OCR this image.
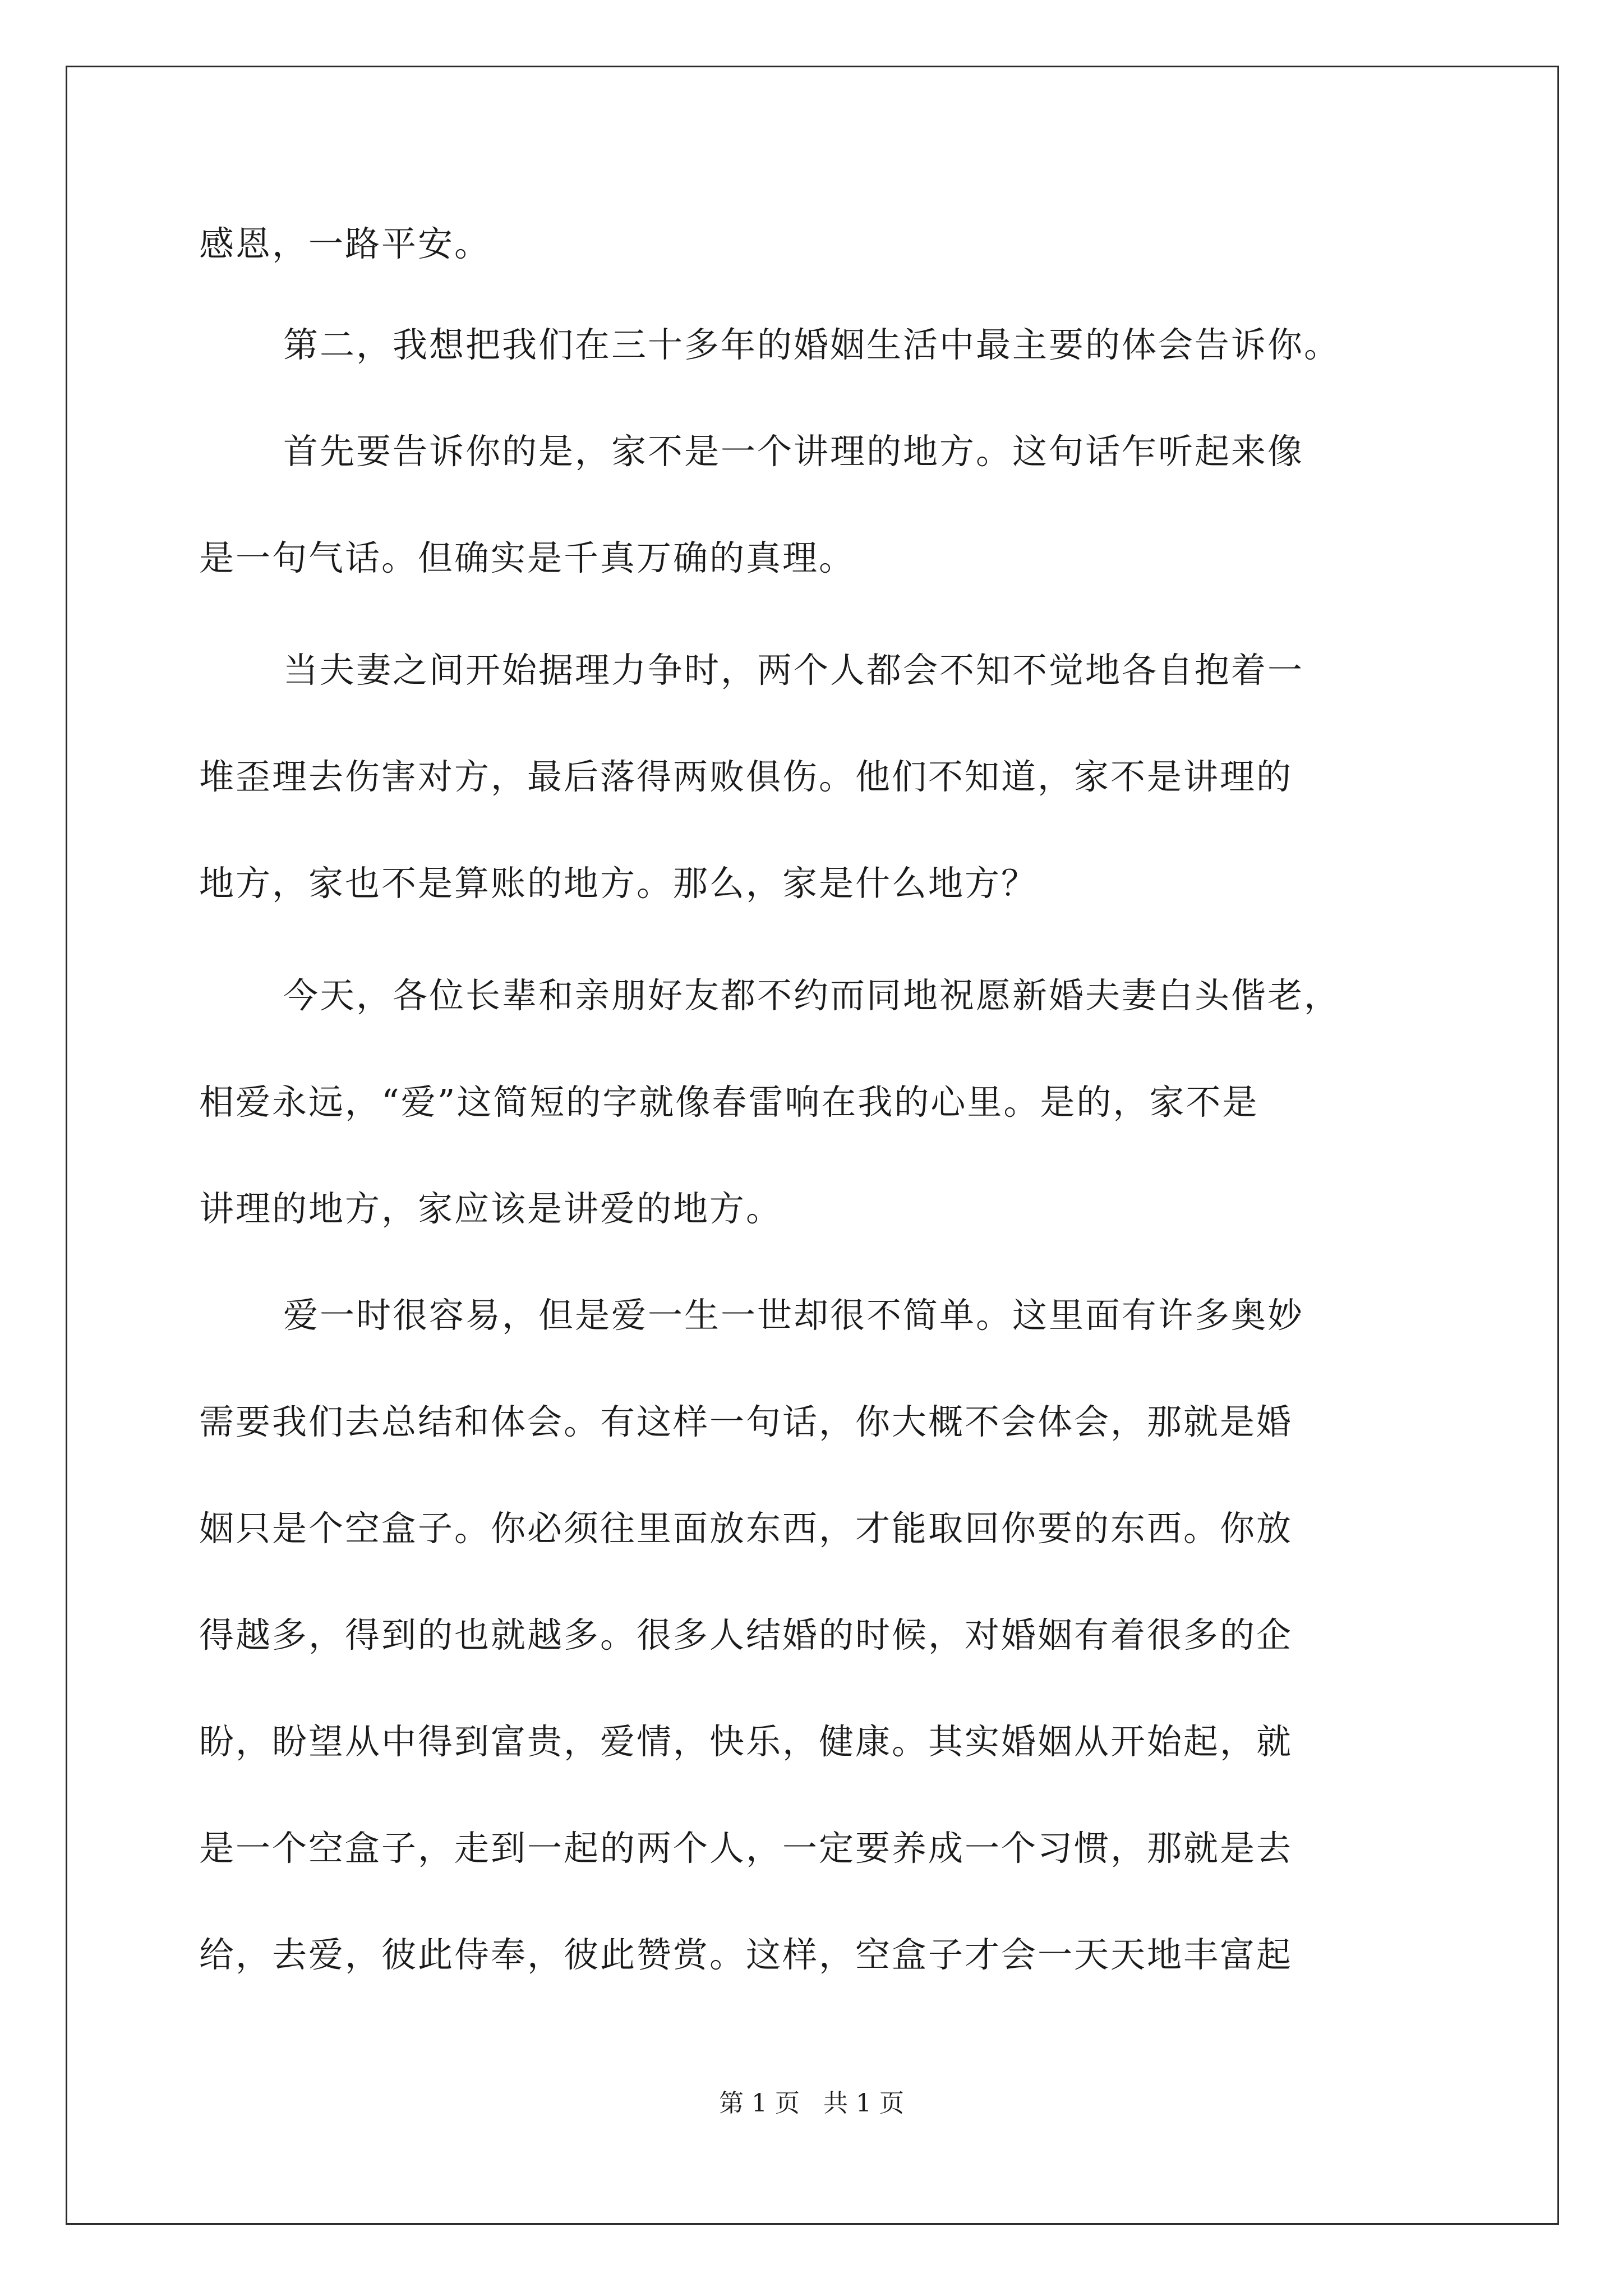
感恩，一路平安。
第二，我想把我们在三十多年的婚姻生活中最主要的体会告诉你。
首先要告诉你的是，家不是一个讲理的地方。这句话乍听起来像
是一句气话。但确实是千真万确的真理。
当夫妻之间开始据理力争时，两个人都会不知不觉地各自抱着一
堆歪理去伤害对方，最后落得两败俱伤。他们不知道，家不是讲理的
地方，家也不是算账的地方。那么，家是什么地方？
今天，各位长辈和亲朋好友都不约而同地祝愿新婚夫妻白头偕老，
相爱永远，“爱”这简短的字就像春雷响在我的心里。是的，家不是
讲理的地方，家应该是讲爱的地方。
爱一时很容易，但是爱一生一世却很不简单。这里面有许多奥妙
需要我们去总结和体会。有这样一句话，你大概不会体会，那就是婚
姻只是个空盒子。你必须往里面放东西，才能取回你要的东西。你放
得越多，得到的也就越多。很多人结婚的时候，对婚姻有着很多的企
盼，盼望从中得到富贵，爱情，快乐，健康。其实婚姻从开始起，就
是一个空盒子，走到一起的两个人，一定要养成一个习惯，那就是去
给，去爱，彼此侍奉，彼此赞赏。这样，空盒子才会一天天地丰富起
第 1 页   共 1 页
